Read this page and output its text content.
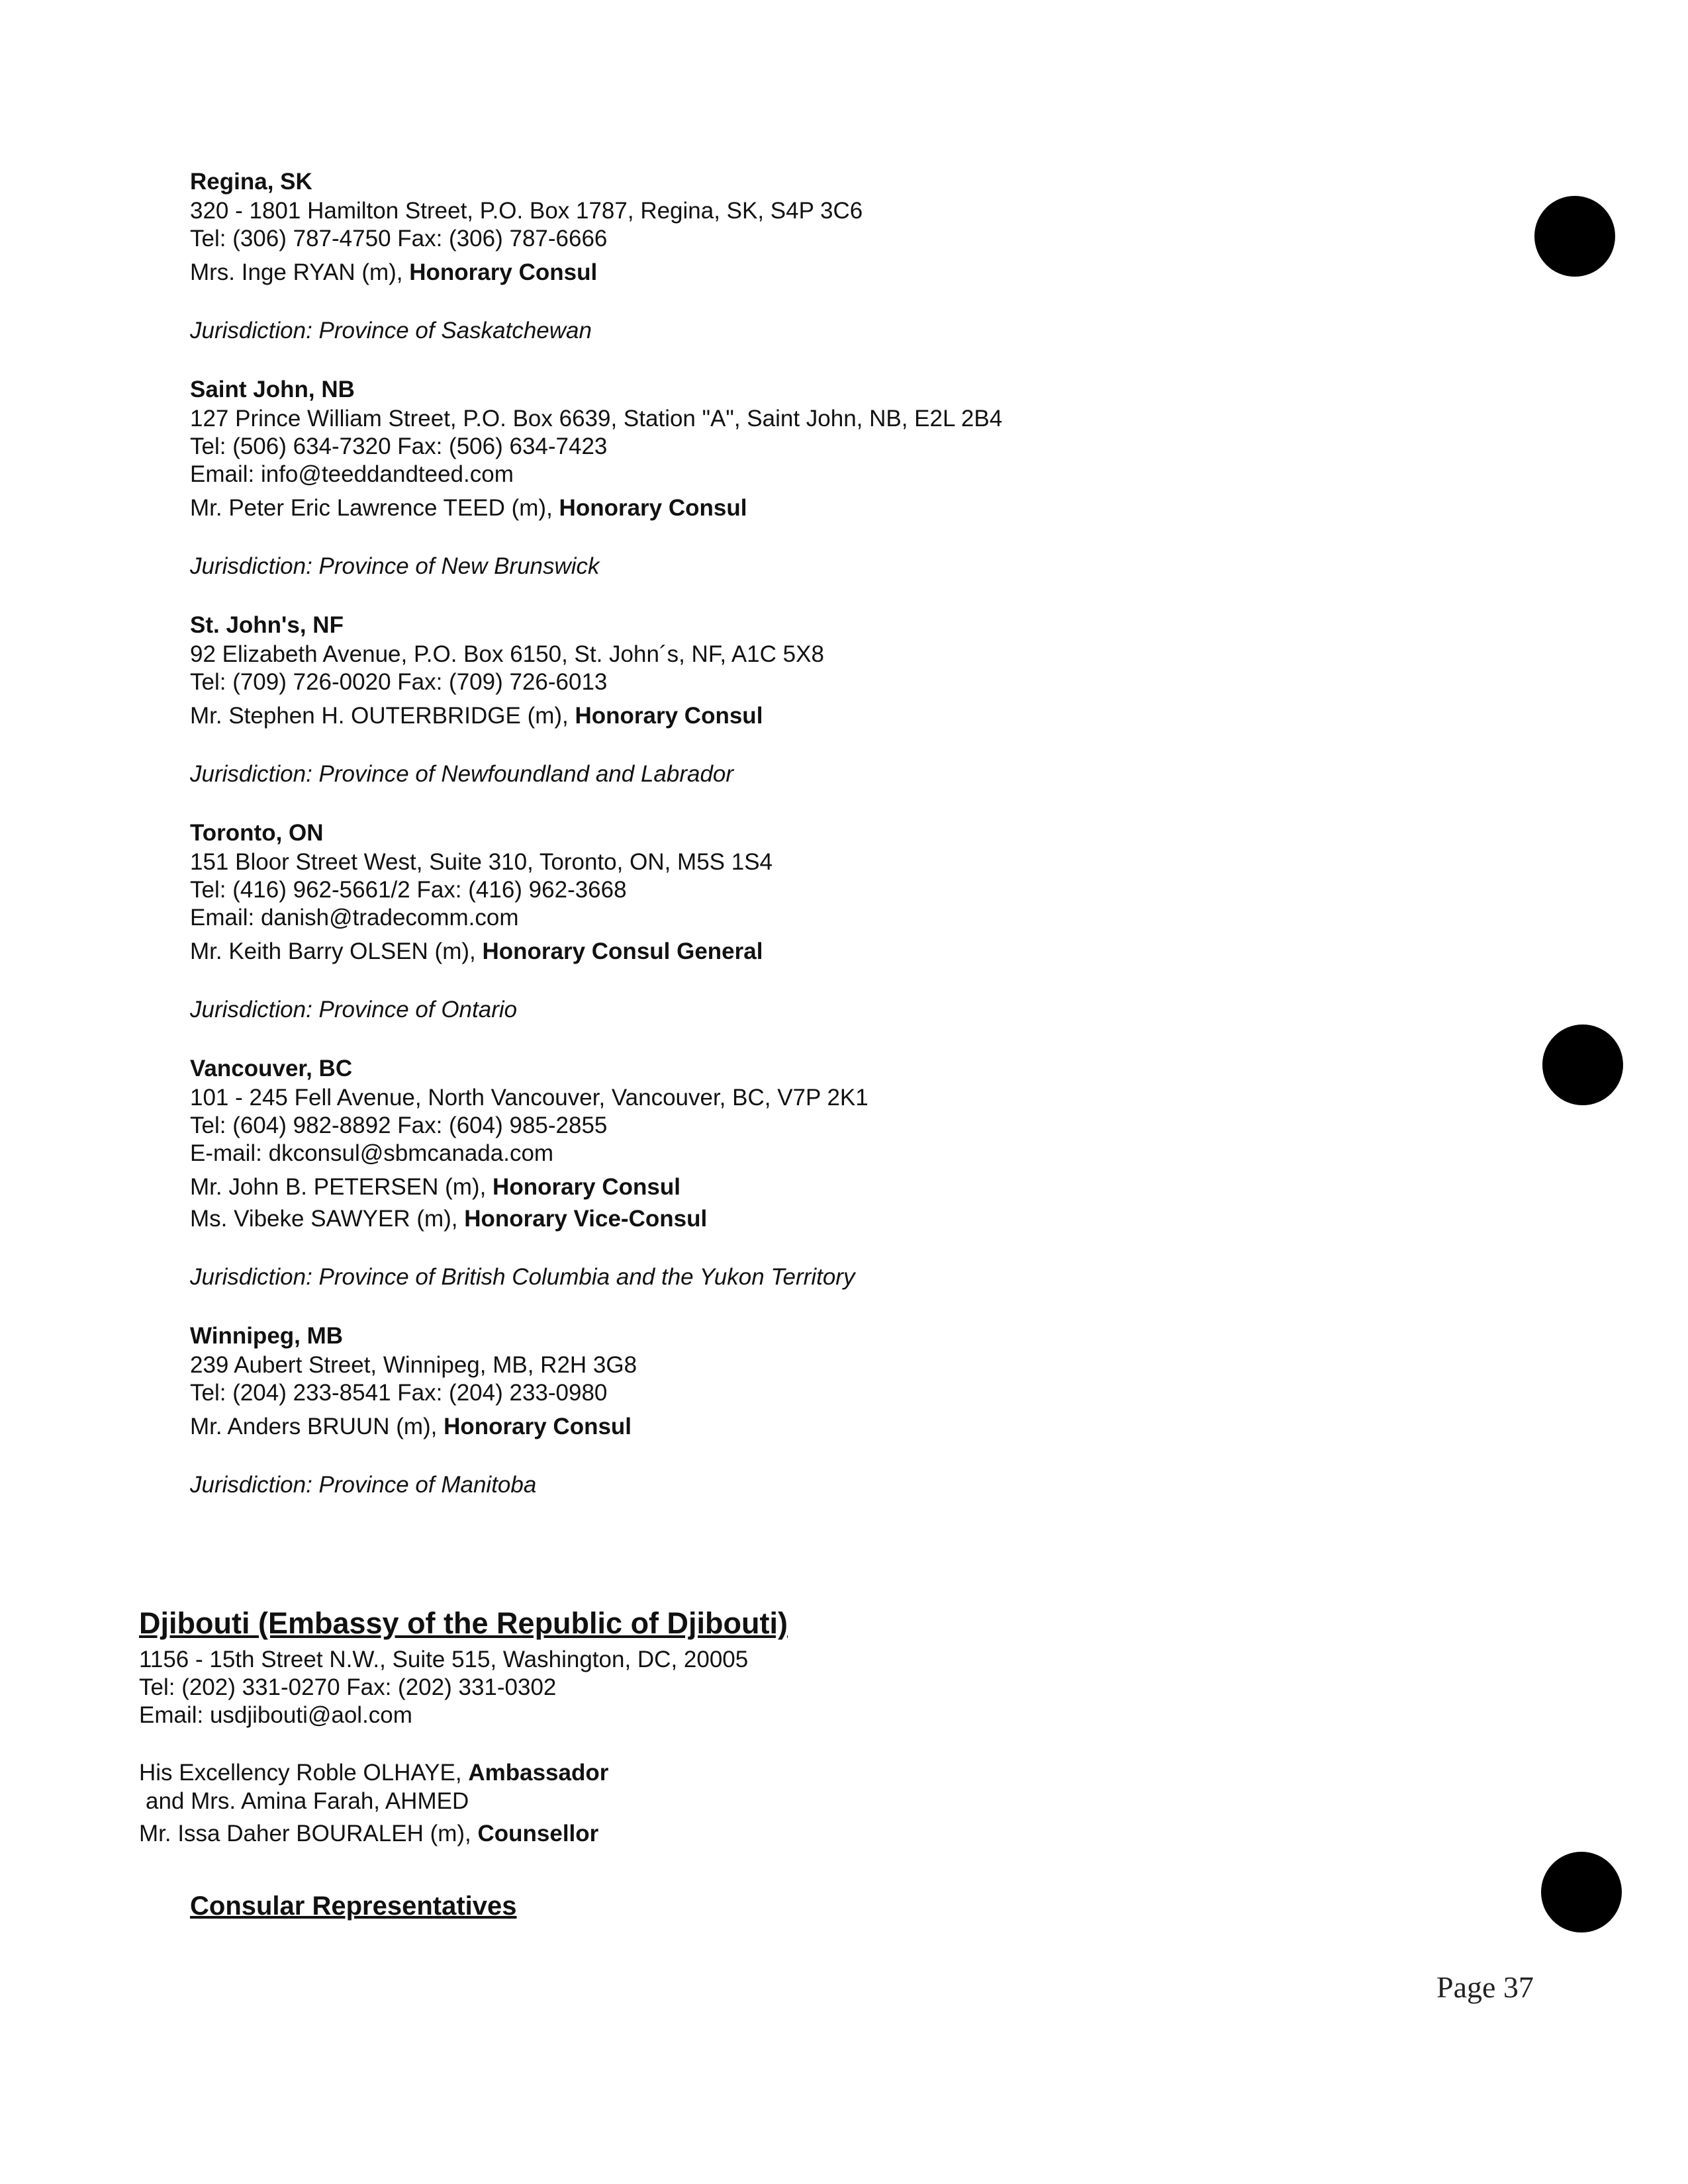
Regina, SK

320 - 1801 Hamilton Street, P.O. Box 1787, Regina, SK, S4P 3C6

Tel: (306) 787-4750 Fax: (306) 787-6666

Mrs. Inge RYAN (m), Honorary Consul

Jurisdiction: Province of Saskatchewan

Saint John, NB

127 Prince William Street, P.O. Box 6639, Station "A", Saint John, NB, E2L 2B4

Tel: (506) 634-7320 Fax: (506) 634-7423

Email: info@teeddandteed.com

Mr. Peter Eric Lawrence TEED (m), Honorary Consul

Jurisdiction: Province of New Brunswick

St. John's, NF

92 Elizabeth Avenue, P.O. Box 6150, St. John´s, NF, A1C 5X8

Tel: (709) 726-0020 Fax: (709) 726-6013

Mr. Stephen H. OUTERBRIDGE (m), Honorary Consul

Jurisdiction: Province of Newfoundland and Labrador

Toronto, ON

151 Bloor Street West, Suite 310, Toronto, ON, M5S 1S4

Tel: (416) 962-5661/2 Fax: (416) 962-3668

Email: danish@tradecomm.com

Mr. Keith Barry OLSEN (m), Honorary Consul General

Jurisdiction: Province of Ontario

Vancouver, BC

101 - 245 Fell Avenue, North Vancouver, Vancouver, BC, V7P 2K1

Tel: (604) 982-8892 Fax: (604) 985-2855

E-mail: dkconsul@sbmcanada.com

Mr. John B. PETERSEN (m), Honorary Consul

Ms. Vibeke SAWYER (m), Honorary Vice-Consul

Jurisdiction: Province of British Columbia and the Yukon Territory

Winnipeg, MB

239 Aubert Street, Winnipeg, MB, R2H 3G8

Tel: (204) 233-8541 Fax: (204) 233-0980

Mr. Anders BRUUN (m), Honorary Consul

Jurisdiction: Province of Manitoba

Djibouti (Embassy of the Republic of Djibouti)

1156 - 15th Street N.W., Suite 515, Washington, DC, 20005

Tel: (202) 331-0270 Fax: (202) 331-0302

Email: usdjibouti@aol.com

His Excellency Roble OLHAYE, Ambassador

and Mrs. Amina Farah, AHMED

Mr. Issa Daher BOURALEH (m), Counsellor

Consular Representatives
Page 37
